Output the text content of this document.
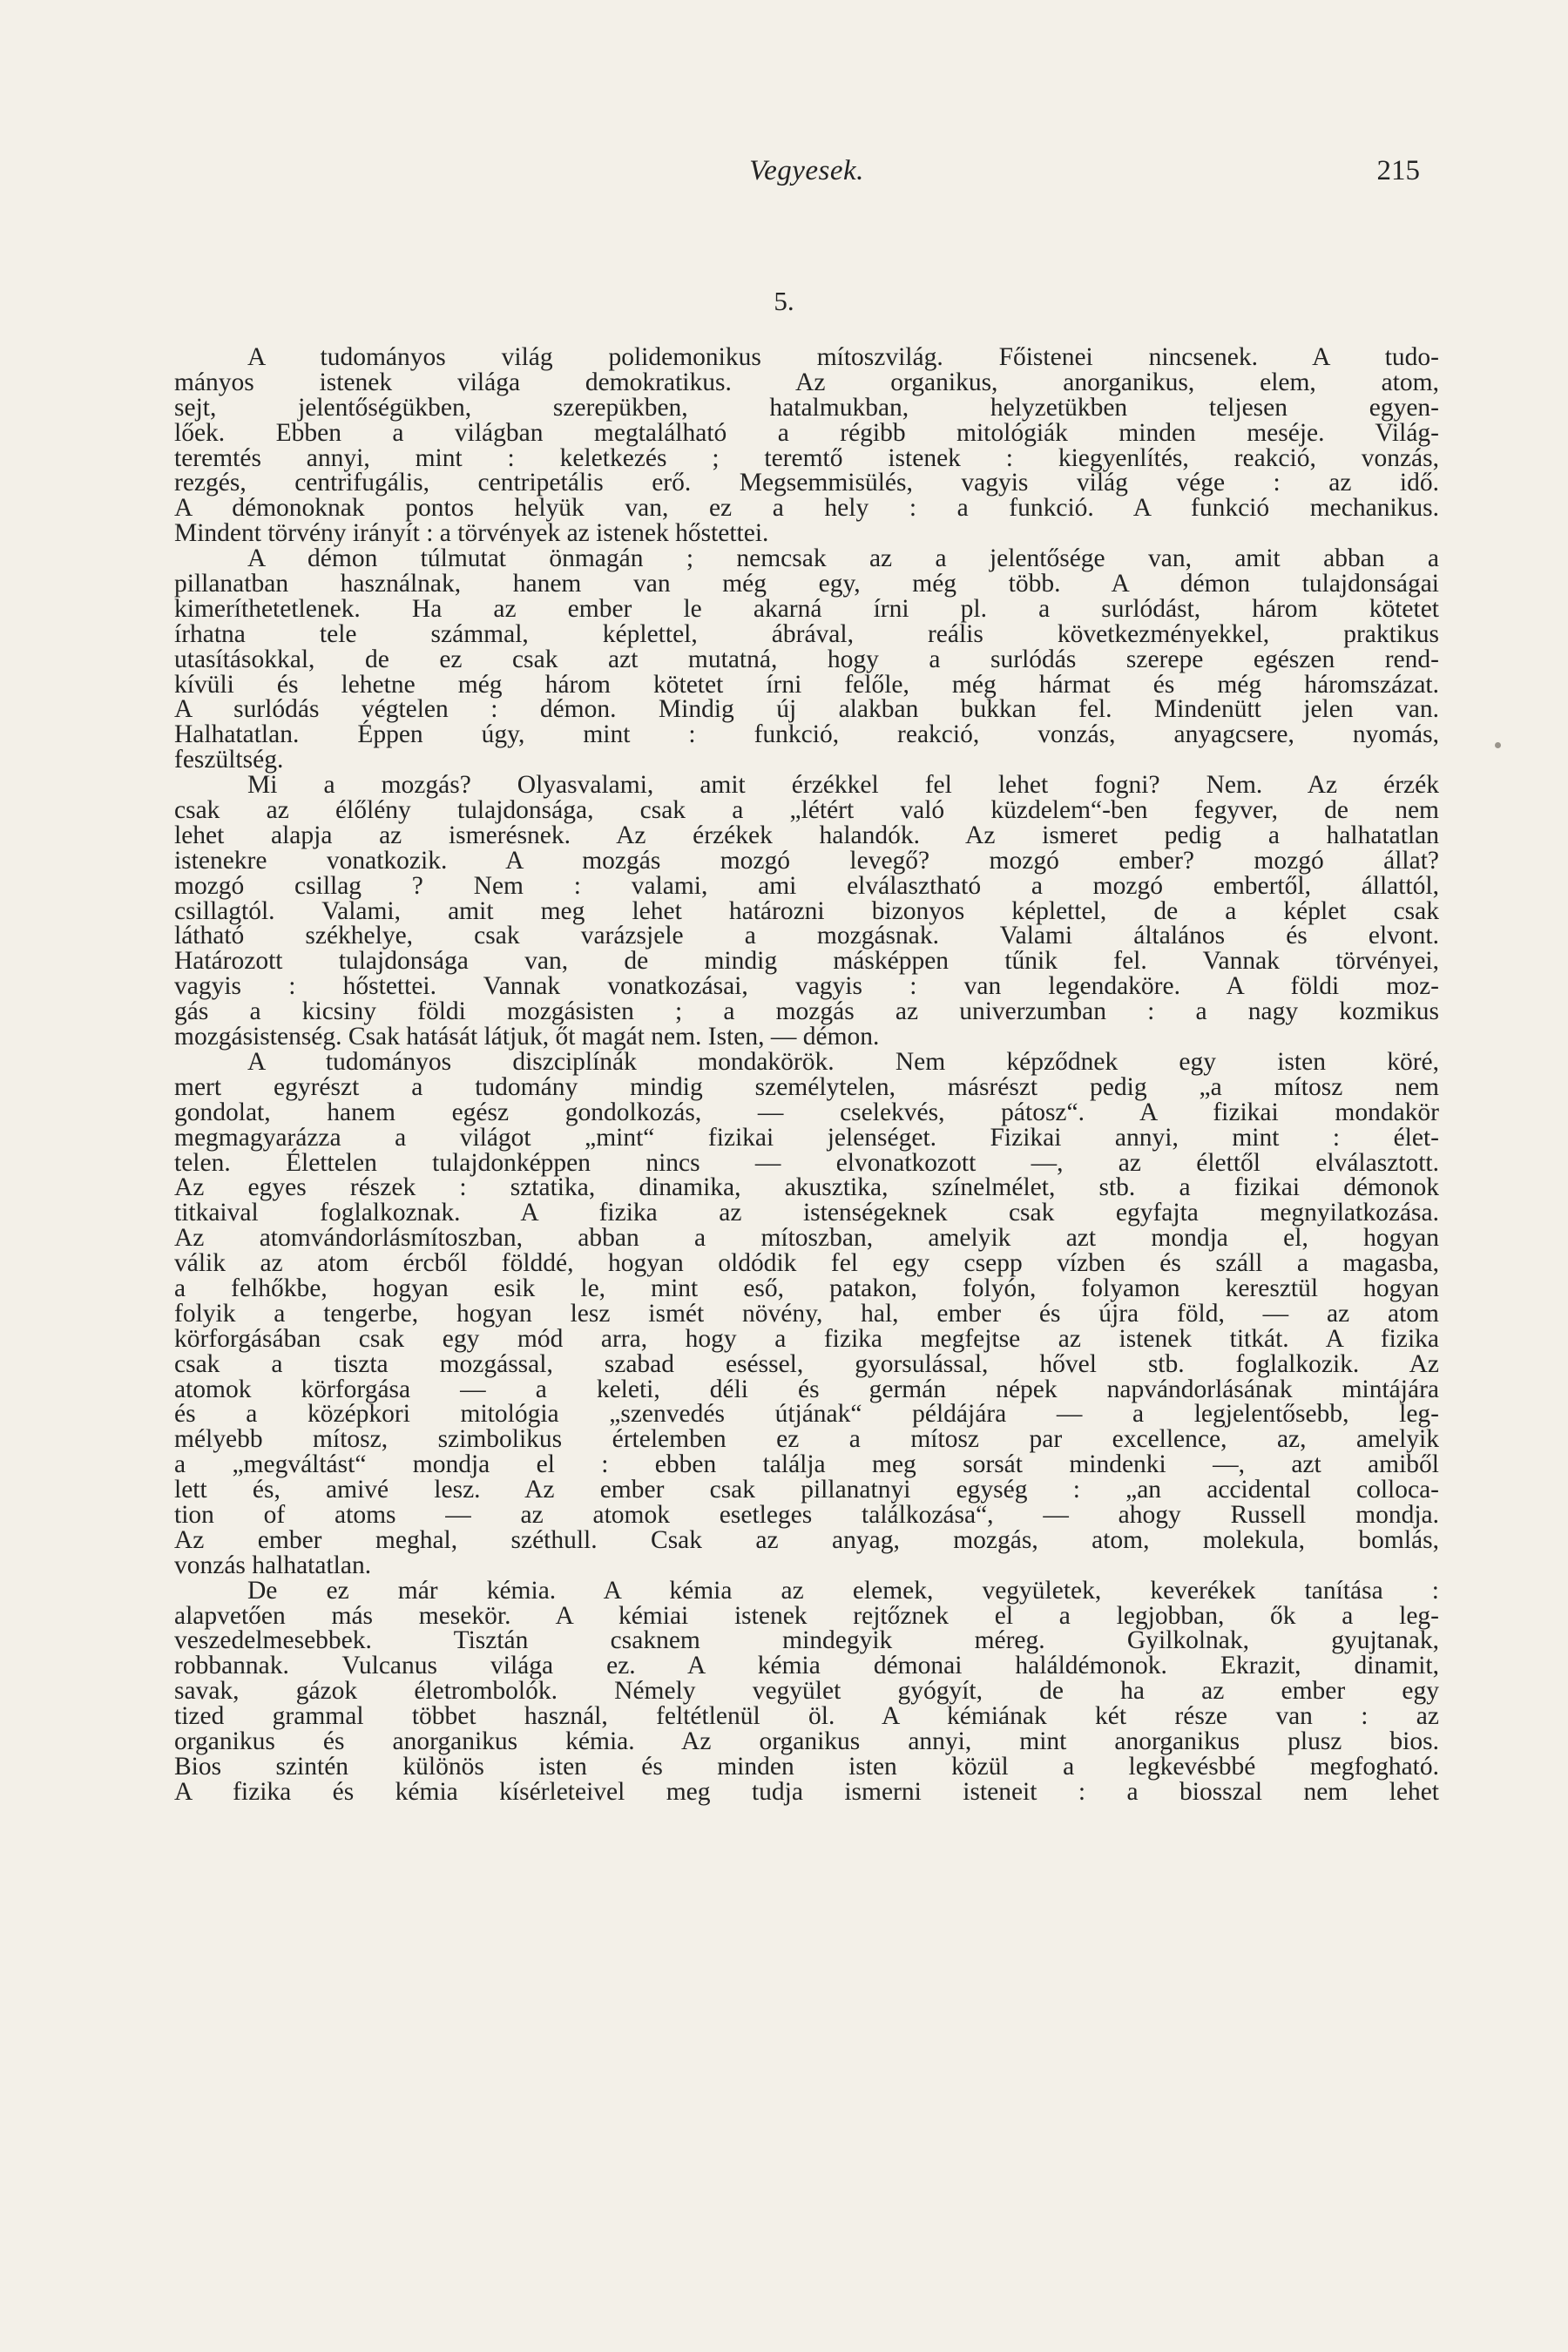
Vegyesek.	215
5.
A tudományos világ polidemonikus mítoszvilág. Főistenei nincsenek. A tudo-
mányos istenek világa demokratikus. Az organikus, anorganikus, elem, atom,
sejt, jelentőségükben, szerepükben, hatalmukban, helyzetükben teljesen egyen-
lőek. Ebben a világban megtalálható a régibb mitológiák minden meséje. Világ-
teremtés annyi, mint : keletkezés ; teremtő istenek : kiegyenlítés, reakció, vonzás,
rezgés, centrifugális, centripetális erő. Megsemmisülés, vagyis világ vége : az idő.
A démonoknak pontos helyük van, ez a hely : a funkció. A funkció mechanikus.
Mindent törvény irányít : a törvények az istenek hőstettei.
A démon túlmutat önmagán ; nemcsak az a jelentősége van, amit abban a
pillanatban használnak, hanem van még egy, még több. A démon tulajdonságai
kimeríthetetlenek. Ha az ember le akarná írni pl. a surlódást, három kötetet
írhatna tele számmal, képlettel, ábrával, reális következményekkel, praktikus
utasításokkal, de ez csak azt mutatná, hogy a surlódás szerepe egészen rend-
kívüli és lehetne még három kötetet írni felőle, még hármat és még háromszázat.
A surlódás végtelen : démon. Mindig új alakban bukkan fel. Mindenütt jelen van.
Halhatatlan. Éppen úgy, mint : funkció, reakció, vonzás, anyagcsere, nyomás,
feszültség.
Mi a mozgás? Olyasvalami, amit érzékkel fel lehet fogni? Nem. Az érzék
csak az élőlény tulajdonsága, csak a „létért való küzdelem“-ben fegyver, de nem
lehet alapja az ismerésnek. Az érzékek halandók. Az ismeret pedig a halhatatlan
istenekre vonatkozik. A mozgás mozgó levegő? mozgó ember? mozgó állat?
mozgó csillag ? Nem : valami, ami elválasztható a mozgó embertől, állattól,
csillagtól. Valami, amit meg lehet határozni bizonyos képlettel, de a képlet csak
látható székhelye, csak varázsjele a mozgásnak. Valami általános és elvont.
Határozott tulajdonsága van, de mindig másképpen tűnik fel. Vannak törvényei,
vagyis : hőstettei. Vannak vonatkozásai, vagyis : van legendaköre. A földi moz-
gás a kicsiny földi mozgásisten ; a mozgás az univerzumban : a nagy kozmikus
mozgásistenség. Csak hatását látjuk, őt magát nem. Isten, — démon.
A tudományos diszciplínák mondakörök. Nem képződnek egy isten köré,
mert egyrészt a tudomány mindig személytelen, másrészt pedig „a mítosz nem
gondolat, hanem egész gondolkozás, — cselekvés, pátosz“. A fizikai mondakör
megmagyarázza a világot „mint“ fizikai jelenséget. Fizikai annyi, mint : élet-
telen. Élettelen tulajdonképpen nincs — elvonatkozott —, az élettől elválasztott.
Az egyes részek : sztatika, dinamika, akusztika, színelmélet, stb. a fizikai démonok
titkaival foglalkoznak. A fizika az istenségeknek csak egyfajta megnyilatkozása.
Az atomvándorlásmítoszban, abban a mítoszban, amelyik azt mondja el, hogyan
válik az atom ércből földdé, hogyan oldódik fel egy csepp vízben és száll a magasba,
a felhőkbe, hogyan esik le, mint eső, patakon, folyón, folyamon keresztül hogyan
folyik a tengerbe, hogyan lesz ismét növény, hal, ember és újra föld, — az atom
körforgásában csak egy mód arra, hogy a fizika megfejtse az istenek titkát. A fizika
csak a tiszta mozgással, szabad eséssel, gyorsulással, hővel stb. foglalkozik. Az
atomok körforgása — a keleti, déli és germán népek napvándorlásának mintájára
és a középkori mitológia „szenvedés útjának“ példájára — a legjelentősebb, leg-
mélyebb mítosz, szimbolikus értelemben ez a mítosz par excellence, az, amelyik
a „megváltást“ mondja el : ebben találja meg sorsát mindenki —, azt amiből
lett és, amivé lesz. Az ember csak pillanatnyi egység : „an accidental colloca-
tion of atoms — az atomok esetleges találkozása“, — ahogy Russell mondja.
Az ember meghal, széthull. Csak az anyag, mozgás, atom, molekula, bomlás,
vonzás halhatatlan.
De ez már kémia. A kémia az elemek, vegyületek, keverékek tanítása :
alapvetően más mesekör. A kémiai istenek rejtőznek el a legjobban, ők a leg-
veszedelmesebbek. Tisztán csaknem mindegyik méreg. Gyilkolnak, gyujtanak,
robbannak. Vulcanus világa ez. A kémia démonai haláldémonok. Ekrazit, dinamit,
savak, gázok életrombolók. Némely vegyület gyógyít, de ha az ember egy
tized grammal többet használ, feltétlenül öl. A kémiának két része van : az
organikus és anorganikus kémia. Az organikus annyi, mint anorganikus plusz bios.
Bios szintén különös isten és minden isten közül a legkevésbbé megfogható.
A fizika és kémia kísérleteivel meg tudja ismerni isteneit : a biosszal nem lehet
